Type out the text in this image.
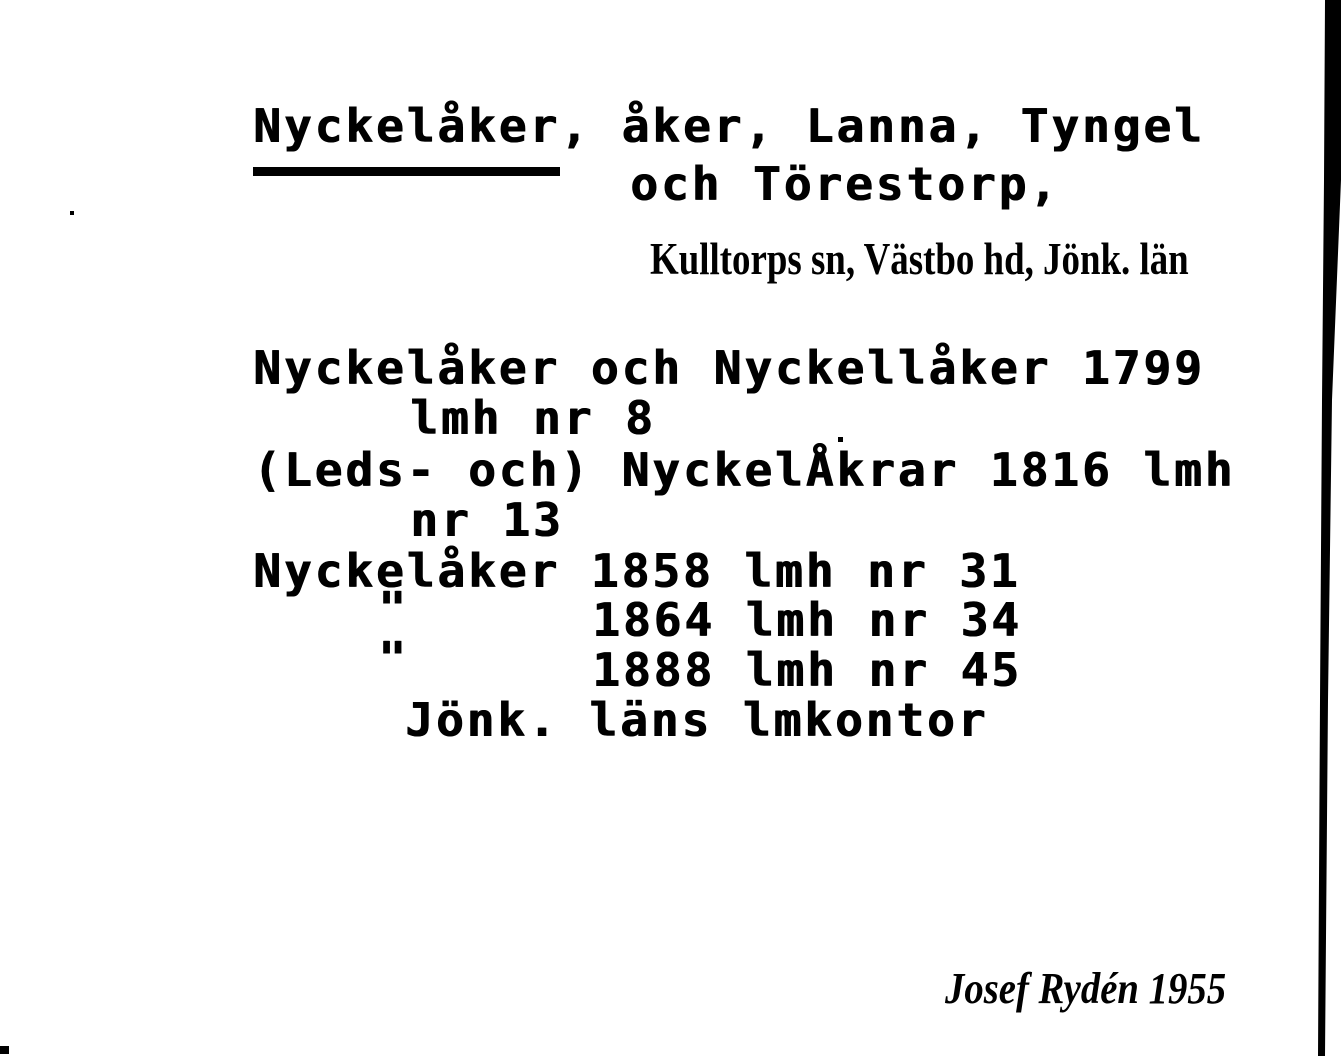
Nyckelåker, åker, Lanna, Tyngel
och Törestorp,
Kulltorps sn, Västbo hd, Jönk. län
Nyckelåker och Nyckellåker 1799
lmh nr 8
(Leds- och) NyckelÅkrar 1816 lmh
nr 13
Nyckelåker 1858 lmh nr 31
"	1864 lmh nr 34
"	1888 lmh nr 45
Jönk. läns lmkontor
Josef Rydén 1955
